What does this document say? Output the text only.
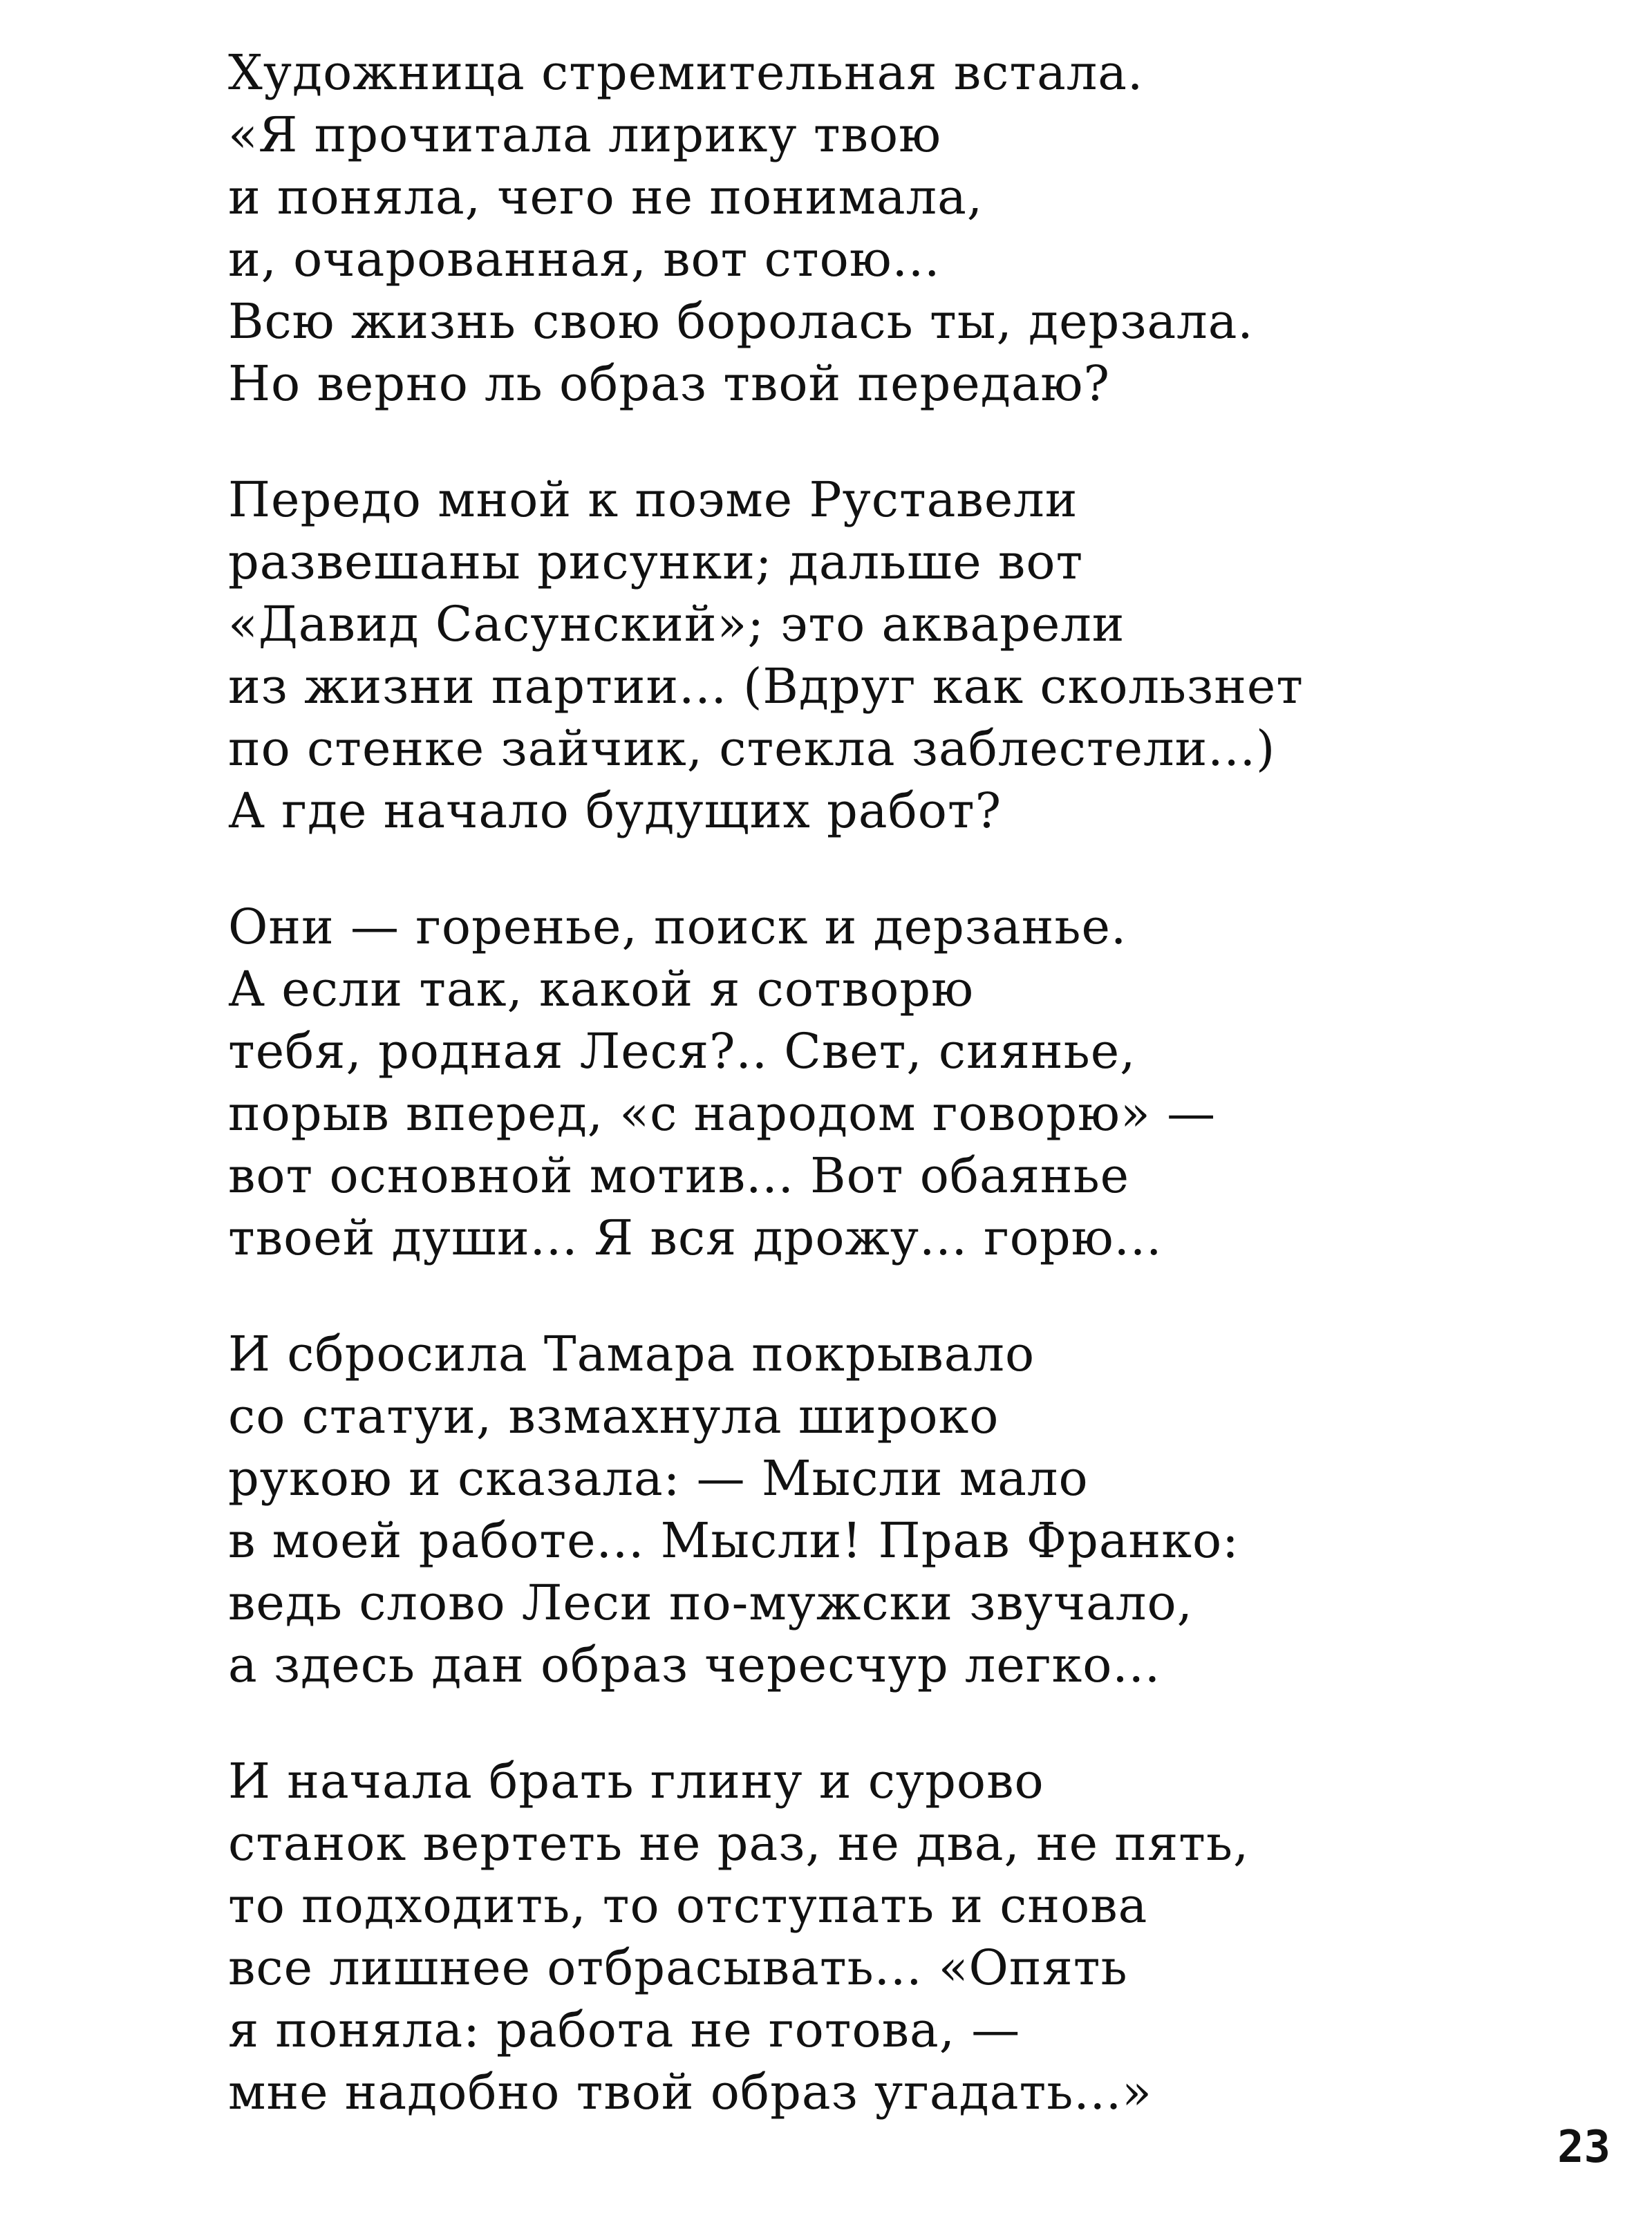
Художница стремительная встала.
«Я прочитала лирику твою
и поняла, чего не понимала,
и, очарованная, вот стою...
Всю жизнь свою боролась ты, дерзала.
Но верно ль образ твой передаю?
Передо мной к поэме Руставели
развешаны рисунки; дальше вот
«Давид Сасунский»; это акварели
из жизни партии... (Вдруг как скользнет
по стенке зайчик, стекла заблестели...)
А где начало будущих работ?
Они — горенье, поиск и дерзанье.
А если так, какой я сотворю
тебя, родная Леся?.. Свет, сиянье,
порыв вперед, «с народом говорю» —
вот основной мотив... Вот обаянье
твоей души... Я вся дрожу... горю...
И сбросила Тамара покрывало
со статуи, взмахнула широко
рукою и сказала: — Мысли мало
в моей работе... Мысли! Прав Франко:
ведь слово Леси по-мужски звучало,
а здесь дан образ чересчур легко...
И начала брать глину и сурово
станок вертеть не раз, не два, не пять,
то подходить, то отступать и снова
все лишнее отбрасывать... «Опять
я поняла: работа не готова, —
мне надобно твой образ угадать...»
23
